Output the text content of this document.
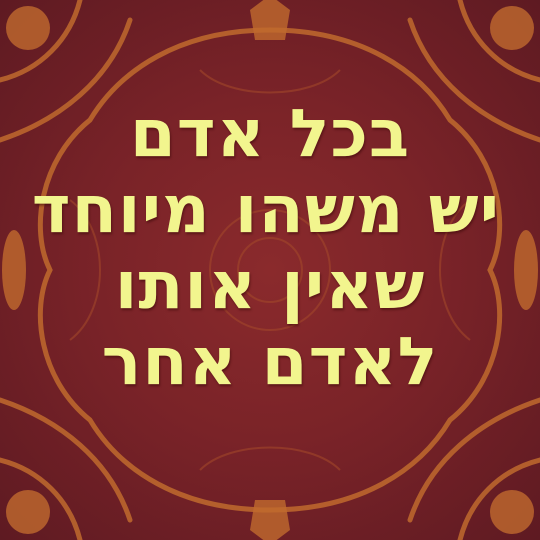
בכל אדם
יש משהו מיוחד
שאין אותו
לאדם אחר
